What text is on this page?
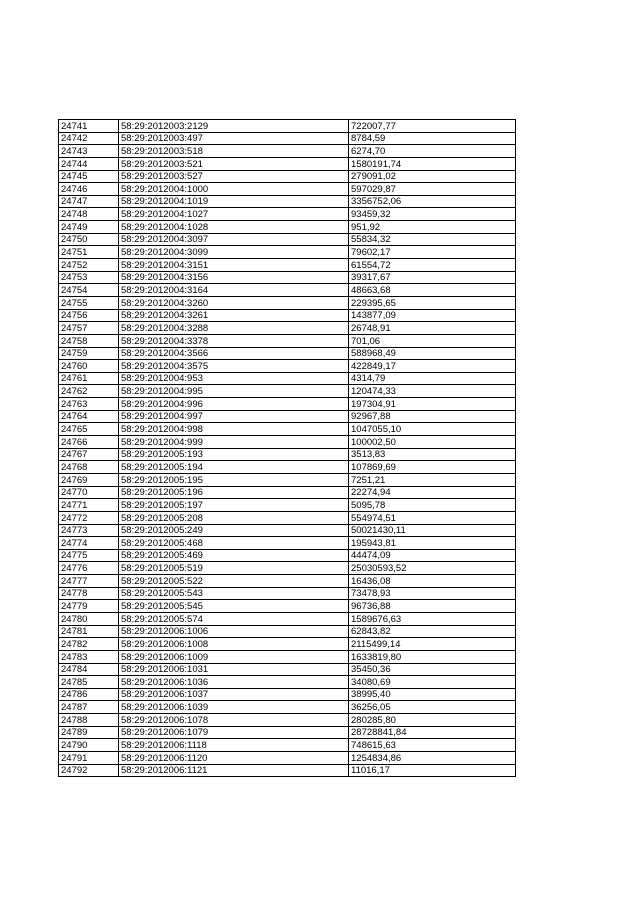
24741	58:29:2012003:2129	722007,77
24742	58:29:2012003:497	8784,59
24743	58:29:2012003:518	6274,70
24744	58:29:2012003:521	1580191,74
24745	58:29:2012003:527	279091,02
24746	58:29:2012004:1000	597029,87
24747	58:29:2012004:1019	3356752,06
24748	58:29:2012004:1027	93459,32
24749	58:29:2012004:1028	951,92
24750	58:29:2012004:3097	55834,32
24751	58:29:2012004:3099	79602,17
24752	58:29:2012004:3151	61554,72
24753	58:29:2012004:3156	39317,67
24754	58:29:2012004:3164	48663,68
24755	58:29:2012004:3260	229395,65
24756	58:29:2012004:3261	143877,09
24757	58:29:2012004:3288	26748,91
24758	58:29:2012004:3378	701,06
24759	58:29:2012004:3566	588968,49
24760	58:29:2012004:3575	422849,17
24761	58:29:2012004:953	4314,79
24762	58:29:2012004:995	120474,33
24763	58:29:2012004:996	197304,91
24764	58:29:2012004:997	92967,88
24765	58:29:2012004:998	1047055,10
24766	58:29:2012004:999	100002,50
24767	58:29:2012005:193	3513,83
24768	58:29:2012005:194	107869,69
24769	58:29:2012005:195	7251,21
24770	58:29:2012005:196	22274,94
24771	58:29:2012005:197	5095,78
24772	58:29:2012005:208	554974,51
24773	58:29:2012005:249	50021430,11
24774	58:29:2012005:468	195943,81
24775	58:29:2012005:469	44474,09
24776	58:29:2012005:519	25030593,52
24777	58:29:2012005:522	16436,08
24778	58:29:2012005:543	73478,93
24779	58:29:2012005:545	96736,88
24780	58:29:2012005:574	1589676,63
24781	58:29:2012006:1006	62843,82
24782	58:29:2012006:1008	2115499,14
24783	58:29:2012006:1009	1633819,80
24784	58:29:2012006:1031	35450,36
24785	58:29:2012006:1036	34080,69
24786	58:29:2012006:1037	38995,40
24787	58:29:2012006:1039	36256,05
24788	58:29:2012006:1078	280285,80
24789	58:29:2012006:1079	28728841,84
24790	58:29:2012006:1118	748615,63
24791	58:29:2012006:1120	1254834,86
24792	58:29:2012006:1121	11016,17
